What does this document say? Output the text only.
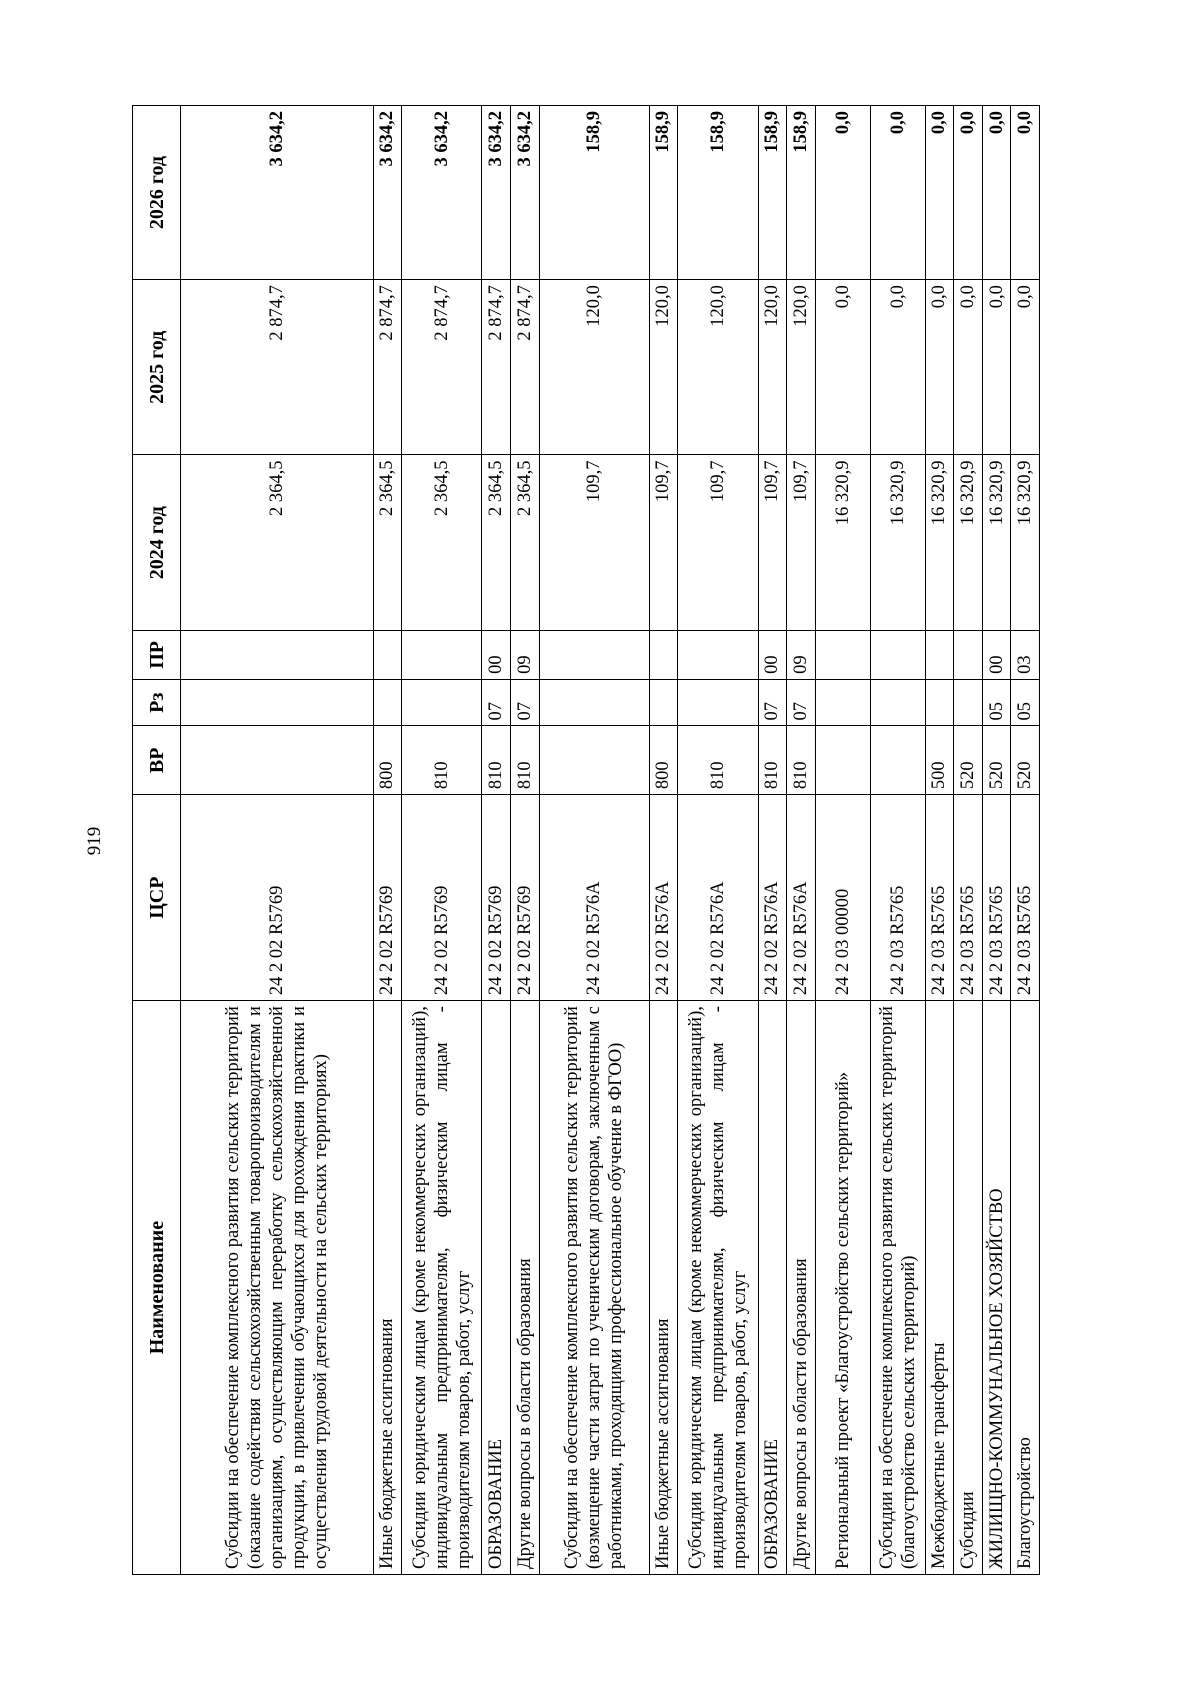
919
Наименование	ЦСР	ВР	Рз	ПР	2024 год	2025 год	2026 год
Субсидии на обеспечение комплексного развития сельских территорий (оказание содействия сельскохозяйственным товаропроизводителям и организациям, осуществляющим переработку сельскохозяйственной продукции, в привлечении обучающихся для прохождения практики и осуществления трудовой деятельности на сельских территориях)	24 2 02 R5769				2 364,5	2 874,7	3 634,2
Иные бюджетные ассигнования	24 2 02 R5769	800			2 364,5	2 874,7	3 634,2
Субсидии юридическим лицам (кроме некоммерческих организаций), индивидуальным предпринимателям, физическим лицам - производителям товаров, работ, услуг	24 2 02 R5769	810			2 364,5	2 874,7	3 634,2
ОБРАЗОВАНИЕ	24 2 02 R5769	810	07	00	2 364,5	2 874,7	3 634,2
Другие вопросы в области образования	24 2 02 R5769	810	07	09	2 364,5	2 874,7	3 634,2
Субсидии на обеспечение комплексного развития сельских территорий (возмещение части затрат по ученическим договорам, заключенным с работниками, проходящими профессиональное обучение в ФГОО)	24 2 02 R576А				109,7	120,0	158,9
Иные бюджетные ассигнования	24 2 02 R576А	800			109,7	120,0	158,9
Субсидии юридическим лицам (кроме некоммерческих организаций), индивидуальным предпринимателям, физическим лицам - производителям товаров, работ, услуг	24 2 02 R576А	810			109,7	120,0	158,9
ОБРАЗОВАНИЕ	24 2 02 R576А	810	07	00	109,7	120,0	158,9
Другие вопросы в области образования	24 2 02 R576А	810	07	09	109,7	120,0	158,9
Региональный проект «Благоустройство сельских территорий»	24 2 03 00000				16 320,9	0,0	0,0
Субсидии на обеспечение комплексного развития сельских территорий (благоустройство сельских территорий)	24 2 03 R5765				16 320,9	0,0	0,0
Межбюджетные трансферты	24 2 03 R5765	500			16 320,9	0,0	0,0
Субсидии	24 2 03 R5765	520			16 320,9	0,0	0,0
ЖИЛИЩНО-КОММУНАЛЬНОЕ ХОЗЯЙСТВО	24 2 03 R5765	520	05	00	16 320,9	0,0	0,0
Благоустройство	24 2 03 R5765	520	05	03	16 320,9	0,0	0,0
